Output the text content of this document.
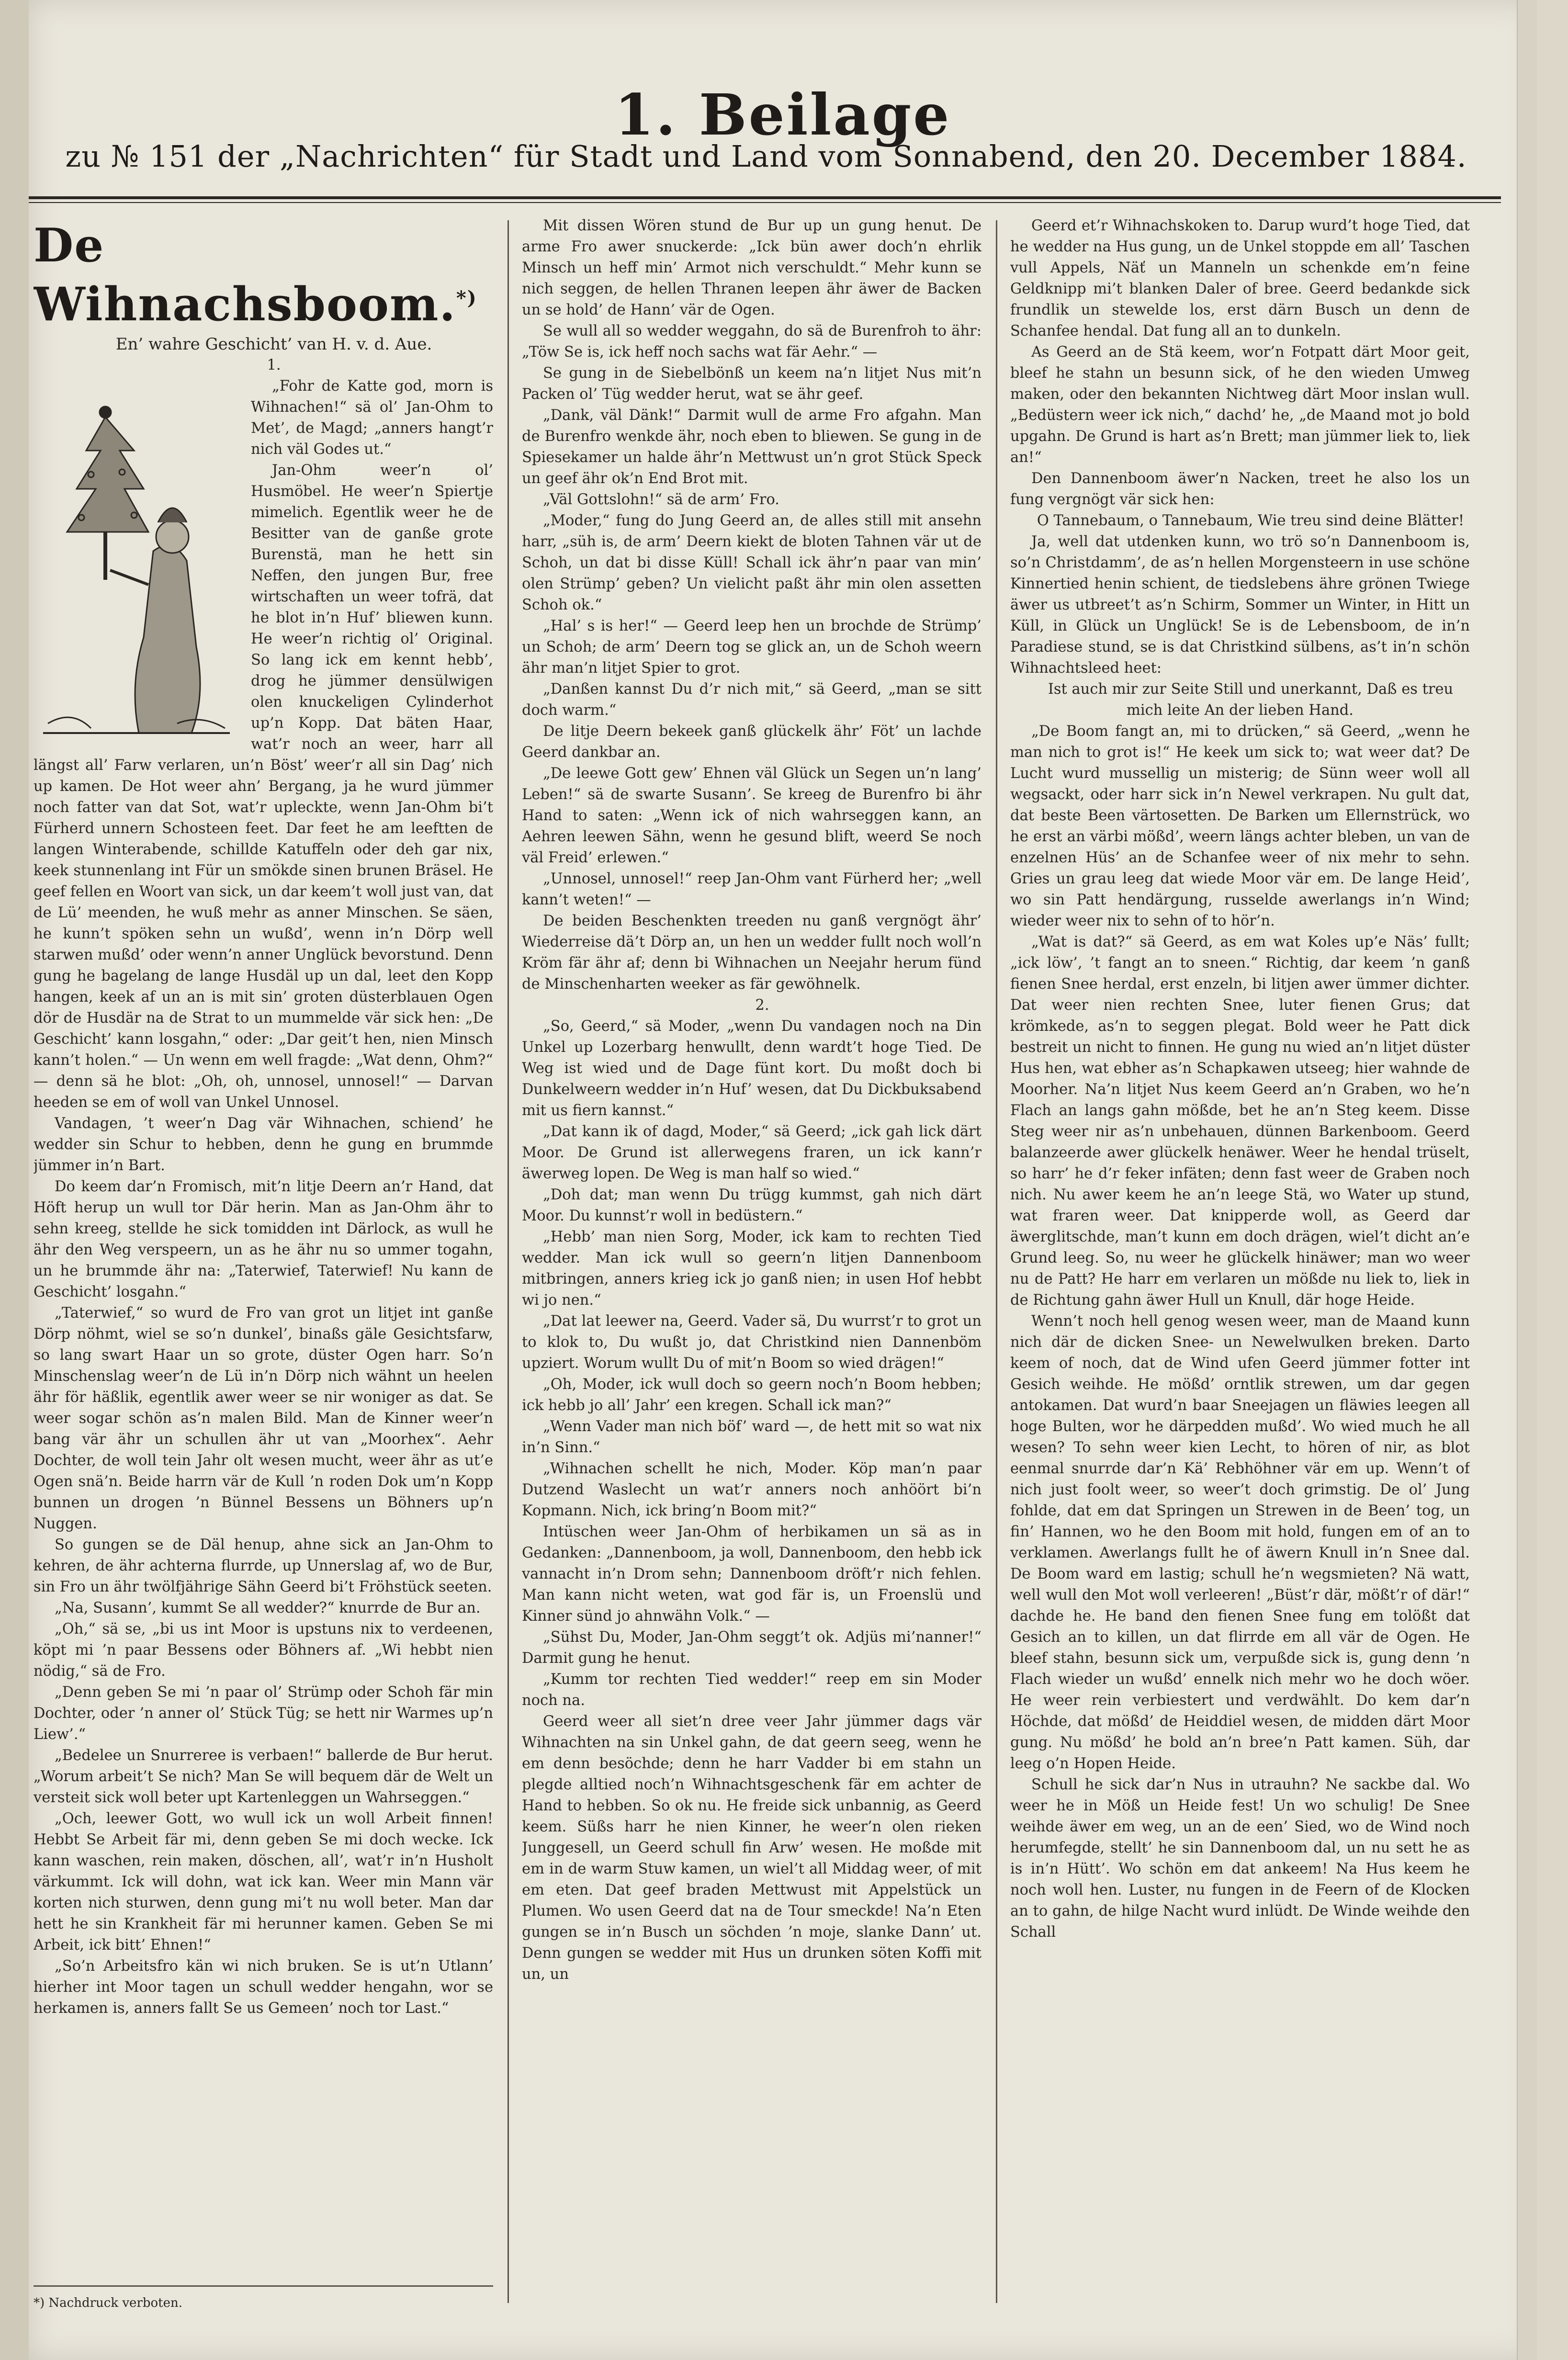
1. Beilage
zu № 151 der „Nachrichten“ für Stadt und Land vom Sonnabend, den 20. December 1884.
De Wihnachsboom.*)

En’ wahre Geschicht’ van H. v. d. Aue.

1.

„Fohr de Katte god, morn is Wihnachen!“ sä ol’ Jan-Ohm to Met’, de Magd; „anners hangt’r nich väl Godes ut.“

Jan-Ohm weer’n ol’ Husmöbel. He weer’n Spiertje mimelich. Egentlik weer he de Besitter van de ganße grote Burenstä, man he hett sin Neffen, den jungen Bur, free wirtschaften un weer tofrä, dat he blot in’n Huf’ bliewen kunn. He weer’n richtig ol’ Original. So lang ick em kennt hebb’, drog he jümmer densülwigen olen knuckeligen Cylinderhot up’n Kopp. Dat bäten Haar, wat’r noch an weer, harr all längst all’ Farw verlaren, un’n Böst’ weer’r all sin Dag’ nich up kamen. De Hot weer ahn’ Bergang, ja he wurd jümmer noch fatter van dat Sot, wat’r upleckte, wenn Jan-Ohm bi’t Fürherd unnern Schosteen feet. Dar feet he am leeftten de langen Winterabende, schillde Katuffeln oder deh gar nix, keek stunnenlang int Für un smökde sinen brunen Bräsel. He geef fellen en Woort van sick, un dar keem’t woll just van, dat de Lü’ meenden, he wuß mehr as anner Minschen. Se säen, he kunn’t spöken sehn un wußd’, wenn in’n Dörp well starwen mußd’ oder wenn’n anner Unglück bevorstund. Denn gung he bagelang de lange Husdäl up un dal, leet den Kopp hangen, keek af un an is mit sin’ groten düsterblauen Ogen dör de Husdär na de Strat to un mummelde vär sick hen: „De Geschicht’ kann losgahn,“ oder: „Dar geit’t hen, nien Minsch kann’t holen.“ — Un wenn em well fragde: „Wat denn, Ohm?“ — denn sä he blot: „Oh, oh, unnosel, unnosel!“ — Darvan heeden se em of woll van Unkel Unnosel.

Vandagen, ’t weer’n Dag vär Wihnachen, schiend’ he wedder sin Schur to hebben, denn he gung en brummde jümmer in’n Bart.

Do keem dar’n Fromisch, mit’n litje Deern an’r Hand, dat Höft herup un wull tor Där herin. Man as Jan-Ohm ähr to sehn kreeg, stellde he sick tomidden int Därlock, as wull he ähr den Weg verspeern, un as he ähr nu so ummer togahn, un he brummde ähr na: „Taterwief, Taterwief! Nu kann de Geschicht’ losgahn.“

„Taterwief,“ so wurd de Fro van grot un litjet int ganße Dörp nöhmt, wiel se so’n dunkel’, binaßs gäle Gesichtsfarw, so lang swart Haar un so grote, düster Ogen harr. So’n Minschenslag weer’n de Lü in’n Dörp nich wähnt un heelen ähr för häßlik, egentlik awer weer se nir woniger as dat. Se weer sogar schön as’n malen Bild. Man de Kinner weer’n bang vär ähr un schullen ähr ut van „Moorhex“. Aehr Dochter, de woll tein Jahr olt wesen mucht, weer ähr as ut’e Ogen snä’n. Beide harrn vär de Kull ’n roden Dok um’n Kopp bunnen un drogen ’n Bünnel Bessens un Böhners up’n Nuggen.

So gungen se de Däl henup, ahne sick an Jan-Ohm to kehren, de ähr achterna flurrde, up Unnerslag af, wo de Bur, sin Fro un ähr twölfjährige Sähn Geerd bi’t Fröhstück seeten.

„Na, Susann’, kummt Se all wedder?“ knurrde de Bur an.

„Oh,“ sä se, „bi us int Moor is upstuns nix to verdeenen, köpt mi ’n paar Bessens oder Böhners af. „Wi hebbt nien nödig,“ sä de Fro.

„Denn geben Se mi ’n paar ol’ Strümp oder Schoh fär min Dochter, oder ’n anner ol’ Stück Tüg; se hett nir Warmes up’n Liew’.“

„Bedelee un Snurreree is verbaen!“ ballerde de Bur herut. „Worum arbeit’t Se nich? Man Se will bequem där de Welt un versteit sick woll beter upt Kartenleggen un Wahrseggen.“

„Och, leewer Gott, wo wull ick un woll Arbeit finnen! Hebbt Se Arbeit fär mi, denn geben Se mi doch wecke. Ick kann waschen, rein maken, döschen, all’, wat’r in’n Husholt värkummt. Ick will dohn, wat ick kan. Weer min Mann vär korten nich sturwen, denn gung mi’t nu woll beter. Man dar hett he sin Krankheit fär mi herunner kamen. Geben Se mi Arbeit, ick bitt’ Ehnen!“

„So’n Arbeitsfro kän wi nich bruken. Se is ut’n Utlann’ hierher int Moor tagen un schull wedder hengahn, wor se herkamen is, anners fallt Se us Gemeen’ noch tor Last.“

*) Nachdruck verboten.

Mit dissen Wören stund de Bur up un gung henut. De arme Fro awer snuckerde: „Ick bün awer doch’n ehrlik Minsch un heff min’ Armot nich verschuldt.“ Mehr kunn se nich seggen, de hellen Thranen leepen ähr äwer de Backen un se hold’ de Hann’ vär de Ogen.

Se wull all so wedder weggahn, do sä de Burenfroh to ähr: „Töw Se is, ick heff noch sachs wat fär Aehr.“ —

Se gung in de Siebelbönß un keem na’n litjet Nus mit’n Packen ol’ Tüg wedder herut, wat se ähr geef.

„Dank, väl Dänk!“ Darmit wull de arme Fro afgahn. Man de Burenfro wenkde ähr, noch eben to bliewen. Se gung in de Spiesekamer un halde ähr’n Mettwust un’n grot Stück Speck un geef ähr ok’n End Brot mit.

„Väl Gottslohn!“ sä de arm’ Fro.

„Moder,“ fung do Jung Geerd an, de alles still mit ansehn harr, „süh is, de arm’ Deern kiekt de bloten Tahnen vär ut de Schoh, un dat bi disse Küll! Schall ick ähr’n paar van min’ olen Strümp’ geben? Un vielicht paßt ähr min olen assetten Schoh ok.“

„Hal’ s is her!“ — Geerd leep hen un brochde de Strümp’ un Schoh; de arm’ Deern tog se glick an, un de Schoh weern ähr man’n litjet Spier to grot.

„Danßen kannst Du d’r nich mit,“ sä Geerd, „man se sitt doch warm.“

De litje Deern bekeek ganß glückelk ähr’ Föt’ un lachde Geerd dankbar an.

„De leewe Gott gew’ Ehnen väl Glück un Segen un’n lang’ Leben!“ sä de swarte Susann’. Se kreeg de Burenfro bi ähr Hand to saten: „Wenn ick of nich wahrseggen kann, an Aehren leewen Sähn, wenn he gesund blift, weerd Se noch väl Freid’ erlewen.“

„Unnosel, unnosel!“ reep Jan-Ohm vant Fürherd her; „well kann’t weten!“ —

De beiden Beschenkten treeden nu ganß vergnögt ähr’ Wiederreise dä’t Dörp an, un hen un wedder fullt noch woll’n Kröm fär ähr af; denn bi Wihnachen un Neejahr herum fünd de Minschenharten weeker as fär gewöhnelk.

2.

„So, Geerd,“ sä Moder, „wenn Du vandagen noch na Din Unkel up Lozerbarg henwullt, denn wardt’t hoge Tied. De Weg ist wied und de Dage fünt kort. Du moßt doch bi Dunkelweern wedder in’n Huf’ wesen, dat Du Dickbuksabend mit us fiern kannst.“

„Dat kann ik of dagd, Moder,“ sä Geerd; „ick gah lick därt Moor. De Grund ist allerwegens fraren, un ick kann’r äwerweg lopen. De Weg is man half so wied.“

„Doh dat; man wenn Du trügg kummst, gah nich därt Moor. Du kunnst’r woll in bedüstern.“

„Hebb’ man nien Sorg, Moder, ick kam to rechten Tied wedder. Man ick wull so geern’n litjen Dannenboom mitbringen, anners krieg ick jo ganß nien; in usen Hof hebbt wi jo nen.“

„Dat lat leewer na, Geerd. Vader sä, Du wurrst’r to grot un to klok to, Du wußt jo, dat Christkind nien Dannenböm upziert. Worum wullt Du of mit’n Boom so wied drägen!“

„Oh, Moder, ick wull doch so geern noch’n Boom hebben; ick hebb jo all’ Jahr’ een kregen. Schall ick man?“

„Wenn Vader man nich böf’ ward —, de hett mit so wat nix in’n Sinn.“

„Wihnachen schellt he nich, Moder. Köp man’n paar Dutzend Waslecht un wat’r anners noch anhöört bi’n Kopmann. Nich, ick bring’n Boom mit?“

Intüschen weer Jan-Ohm of herbikamen un sä as in Gedanken: „Dannenboom, ja woll, Dannenboom, den hebb ick vannacht in’n Drom sehn; Dannenboom dröft’r nich fehlen. Man kann nicht weten, wat god fär is, un Froenslü und Kinner sünd jo ahnwähn Volk.“ —

„Sühst Du, Moder, Jan-Ohm seggt’t ok. Adjüs mi’nanner!“ Darmit gung he henut.

„Kumm tor rechten Tied wedder!“ reep em sin Moder noch na.

Geerd weer all siet’n dree veer Jahr jümmer dags vär Wihnachten na sin Unkel gahn, de dat geern seeg, wenn he em denn besöchde; denn he harr Vadder bi em stahn un plegde alltied noch’n Wihnachtsgeschenk fär em achter de Hand to hebben. So ok nu. He freide sick unbannig, as Geerd keem. Süßs harr he nien Kinner, he weer’n olen rieken Junggesell, un Geerd schull fin Arw’ wesen. He moßde mit em in de warm Stuw kamen, un wiel’t all Middag weer, of mit em eten. Dat geef braden Mettwust mit Appelstück un Plumen. Wo usen Geerd dat na de Tour smeckde! Na’n Eten gungen se in’n Busch un söchden ’n moje, slanke Dann’ ut. Denn gungen se wedder mit Hus un drunken söten Koffi mit un, un

Geerd et’r Wihnachskoken to. Darup wurd’t hoge Tied, dat he wedder na Hus gung, un de Unkel stoppde em all’ Taschen vull Appels, Näť un Manneln un schenkde em’n feine Geldknipp mi’t blanken Daler of bree. Geerd bedankde sick frundlik un stewelde los, erst därn Busch un denn de Schanfee hendal. Dat fung all an to dunkeln.

As Geerd an de Stä keem, wor’n Fotpatt därt Moor geit, bleef he stahn un besunn sick, of he den wieden Umweg maken, oder den bekannten Nichtweg därt Moor inslan wull. „Bedüstern weer ick nich,“ dachd’ he, „de Maand mot jo bold upgahn. De Grund is hart as’n Brett; man jümmer liek to, liek an!“

Den Dannenboom äwer’n Nacken, treet he also los un fung vergnögt vär sick hen:

O Tannebaum, o Tannebaum, Wie treu sind deine Blätter!

Ja, well dat utdenken kunn, wo trö so’n Dannenboom is, so’n Christdamm’, de as’n hellen Morgensteern in use schöne Kinnertied henin schient, de tiedslebens ähre grönen Twiege äwer us utbreet’t as’n Schirm, Sommer un Winter, in Hitt un Küll, in Glück un Unglück! Se is de Lebensboom, de in’n Paradiese stund, se is dat Christkind sülbens, as’t in’n schön Wihnachtsleed heet:

Ist auch mir zur Seite Still und unerkannt, Daß es treu mich leite An der lieben Hand.

„De Boom fangt an, mi to drücken,“ sä Geerd, „wenn he man nich to grot is!“ He keek um sick to; wat weer dat? De Lucht wurd mussellig un misterig; de Sünn weer woll all wegsackt, oder harr sick in’n Newel verkrapen. Nu gult dat, dat beste Been värtosetten. De Barken um Ellernstrück, wo he erst an värbi mößd’, weern längs achter bleben, un van de enzelnen Hüs’ an de Schanfee weer of nix mehr to sehn. Gries un grau leeg dat wiede Moor vär em. De lange Heid’, wo sin Patt hendärgung, russelde awerlangs in’n Wind; wieder weer nix to sehn of to hör’n.

„Wat is dat?“ sä Geerd, as em wat Koles up’e Näs’ fullt; „ick löw’, ’t fangt an to sneen.“ Richtig, dar keem ’n ganß fienen Snee herdal, erst enzeln, bi litjen awer ümmer dichter. Dat weer nien rechten Snee, luter fienen Grus; dat krömkede, as’n to seggen plegat. Bold weer he Patt dick bestreit un nicht to finnen. He gung nu wied an’n litjet düster Hus hen, wat ebher as’n Schapkawen utseeg; hier wahnde de Moorher. Na’n litjet Nus keem Geerd an’n Graben, wo he’n Flach an langs gahn mößde, bet he an’n Steg keem. Disse Steg weer nir as’n unbehauen, dünnen Barkenboom. Geerd balanzeerde awer glückelk henäwer. Weer he hendal trüselt, so harr’ he d’r feker infäten; denn fast weer de Graben noch nich. Nu awer keem he an’n leege Stä, wo Water up stund, wat fraren weer. Dat knipperde woll, as Geerd dar äwerglitschde, man’t kunn em doch drägen, wiel’t dicht an’e Grund leeg. So, nu weer he glückelk hinäwer; man wo weer nu de Patt? He harr em verlaren un mößde nu liek to, liek in de Richtung gahn äwer Hull un Knull, där hoge Heide.

Wenn’t noch hell genog wesen weer, man de Maand kunn nich där de dicken Snee- un Newelwulken breken. Darto keem of noch, dat de Wind ufen Geerd jümmer fotter int Gesich weihde. He mößd’ orntlik strewen, um dar gegen antokamen. Dat wurd’n baar Sneejagen un fläwies leegen all hoge Bulten, wor he därpedden mußd’. Wo wied much he all wesen? To sehn weer kien Lecht, to hören of nir, as blot eenmal snurrde dar’n Kä’ Rebhöhner vär em up. Wenn’t of nich just foolt weer, so weer’t doch grimstig. De ol’ Jung fohlde, dat em dat Springen un Strewen in de Been’ tog, un fin’ Hannen, wo he den Boom mit hold, fungen em of an to verklamen. Awerlangs fullt he of äwern Knull in’n Snee dal. De Boom ward em lastig; schull he’n wegsmieten? Nä watt, well wull den Mot woll verleeren! „Büst’r där, mößt’r of där!“ dachde he. He band den fienen Snee fung em tolößt dat Gesich an to killen, un dat flirrde em all vär de Ogen. He bleef stahn, besunn sick um, verpußde sick is, gung denn ’n Flach wieder un wußd’ ennelk nich mehr wo he doch wöer. He weer rein verbiestert und verdwählt. Do kem dar’n Höchde, dat mößd’ de Heiddiel wesen, de midden därt Moor gung. Nu mößd’ he bold an’n bree’n Patt kamen. Süh, dar leeg o’n Hopen Heide.

Schull he sick dar’n Nus in utrauhn? Ne sackbe dal. Wo weer he in Möß un Heide fest! Un wo schulig! De Snee weihde äwer em weg, un an de een’ Sied, wo de Wind noch herumfegde, stellt’ he sin Dannenboom dal, un nu sett he as is in’n Hütt’. Wo schön em dat ankeem! Na Hus keem he noch woll hen. Luster, nu fungen in de Feern of de Klocken an to gahn, de hilge Nacht wurd inlüdt. De Winde weihde den Schall
